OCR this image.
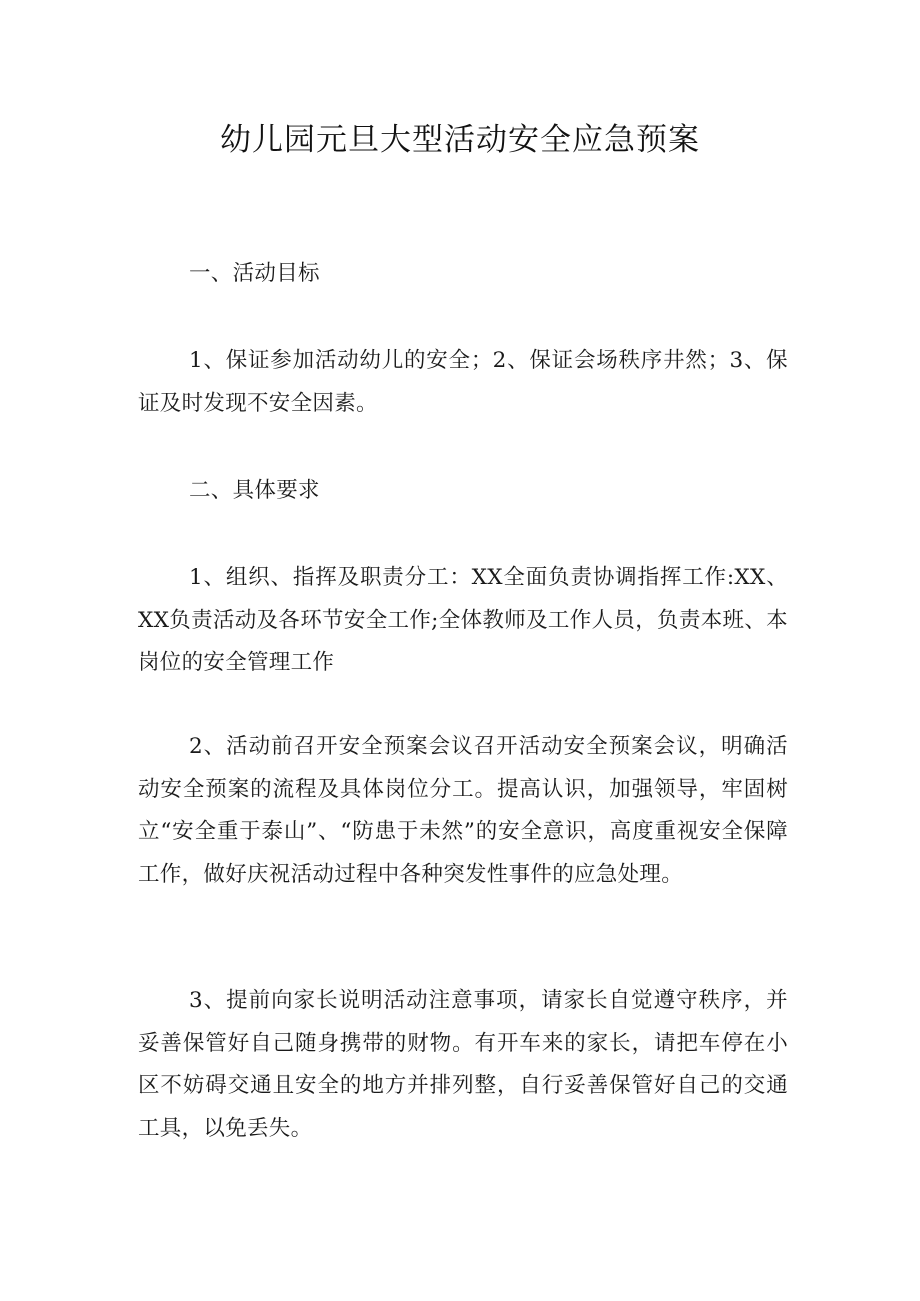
幼儿园元旦大型活动安全应急预案
一、活动目标
1、保证参加活动幼儿的安全；2、保证会场秩序井然；3、保证及时发现不安全因素。
二、具体要求
1、组织、指挥及职责分工：XX全面负责协调指挥工作:XX、XX负责活动及各环节安全工作;全体教师及工作人员，负责本班、本岗位的安全管理工作
2、活动前召开安全预案会议召开活动安全预案会议，明确活动安全预案的流程及具体岗位分工。提高认识，加强领导，牢固树立“安全重于泰山”、“防患于未然”的安全意识，高度重视安全保障工作，做好庆祝活动过程中各种突发性事件的应急处理。
3、提前向家长说明活动注意事项，请家长自觉遵守秩序，并妥善保管好自己随身携带的财物。有开车来的家长，请把车停在小区不妨碍交通且安全的地方并排列整，自行妥善保管好自己的交通工具，以免丢失。
